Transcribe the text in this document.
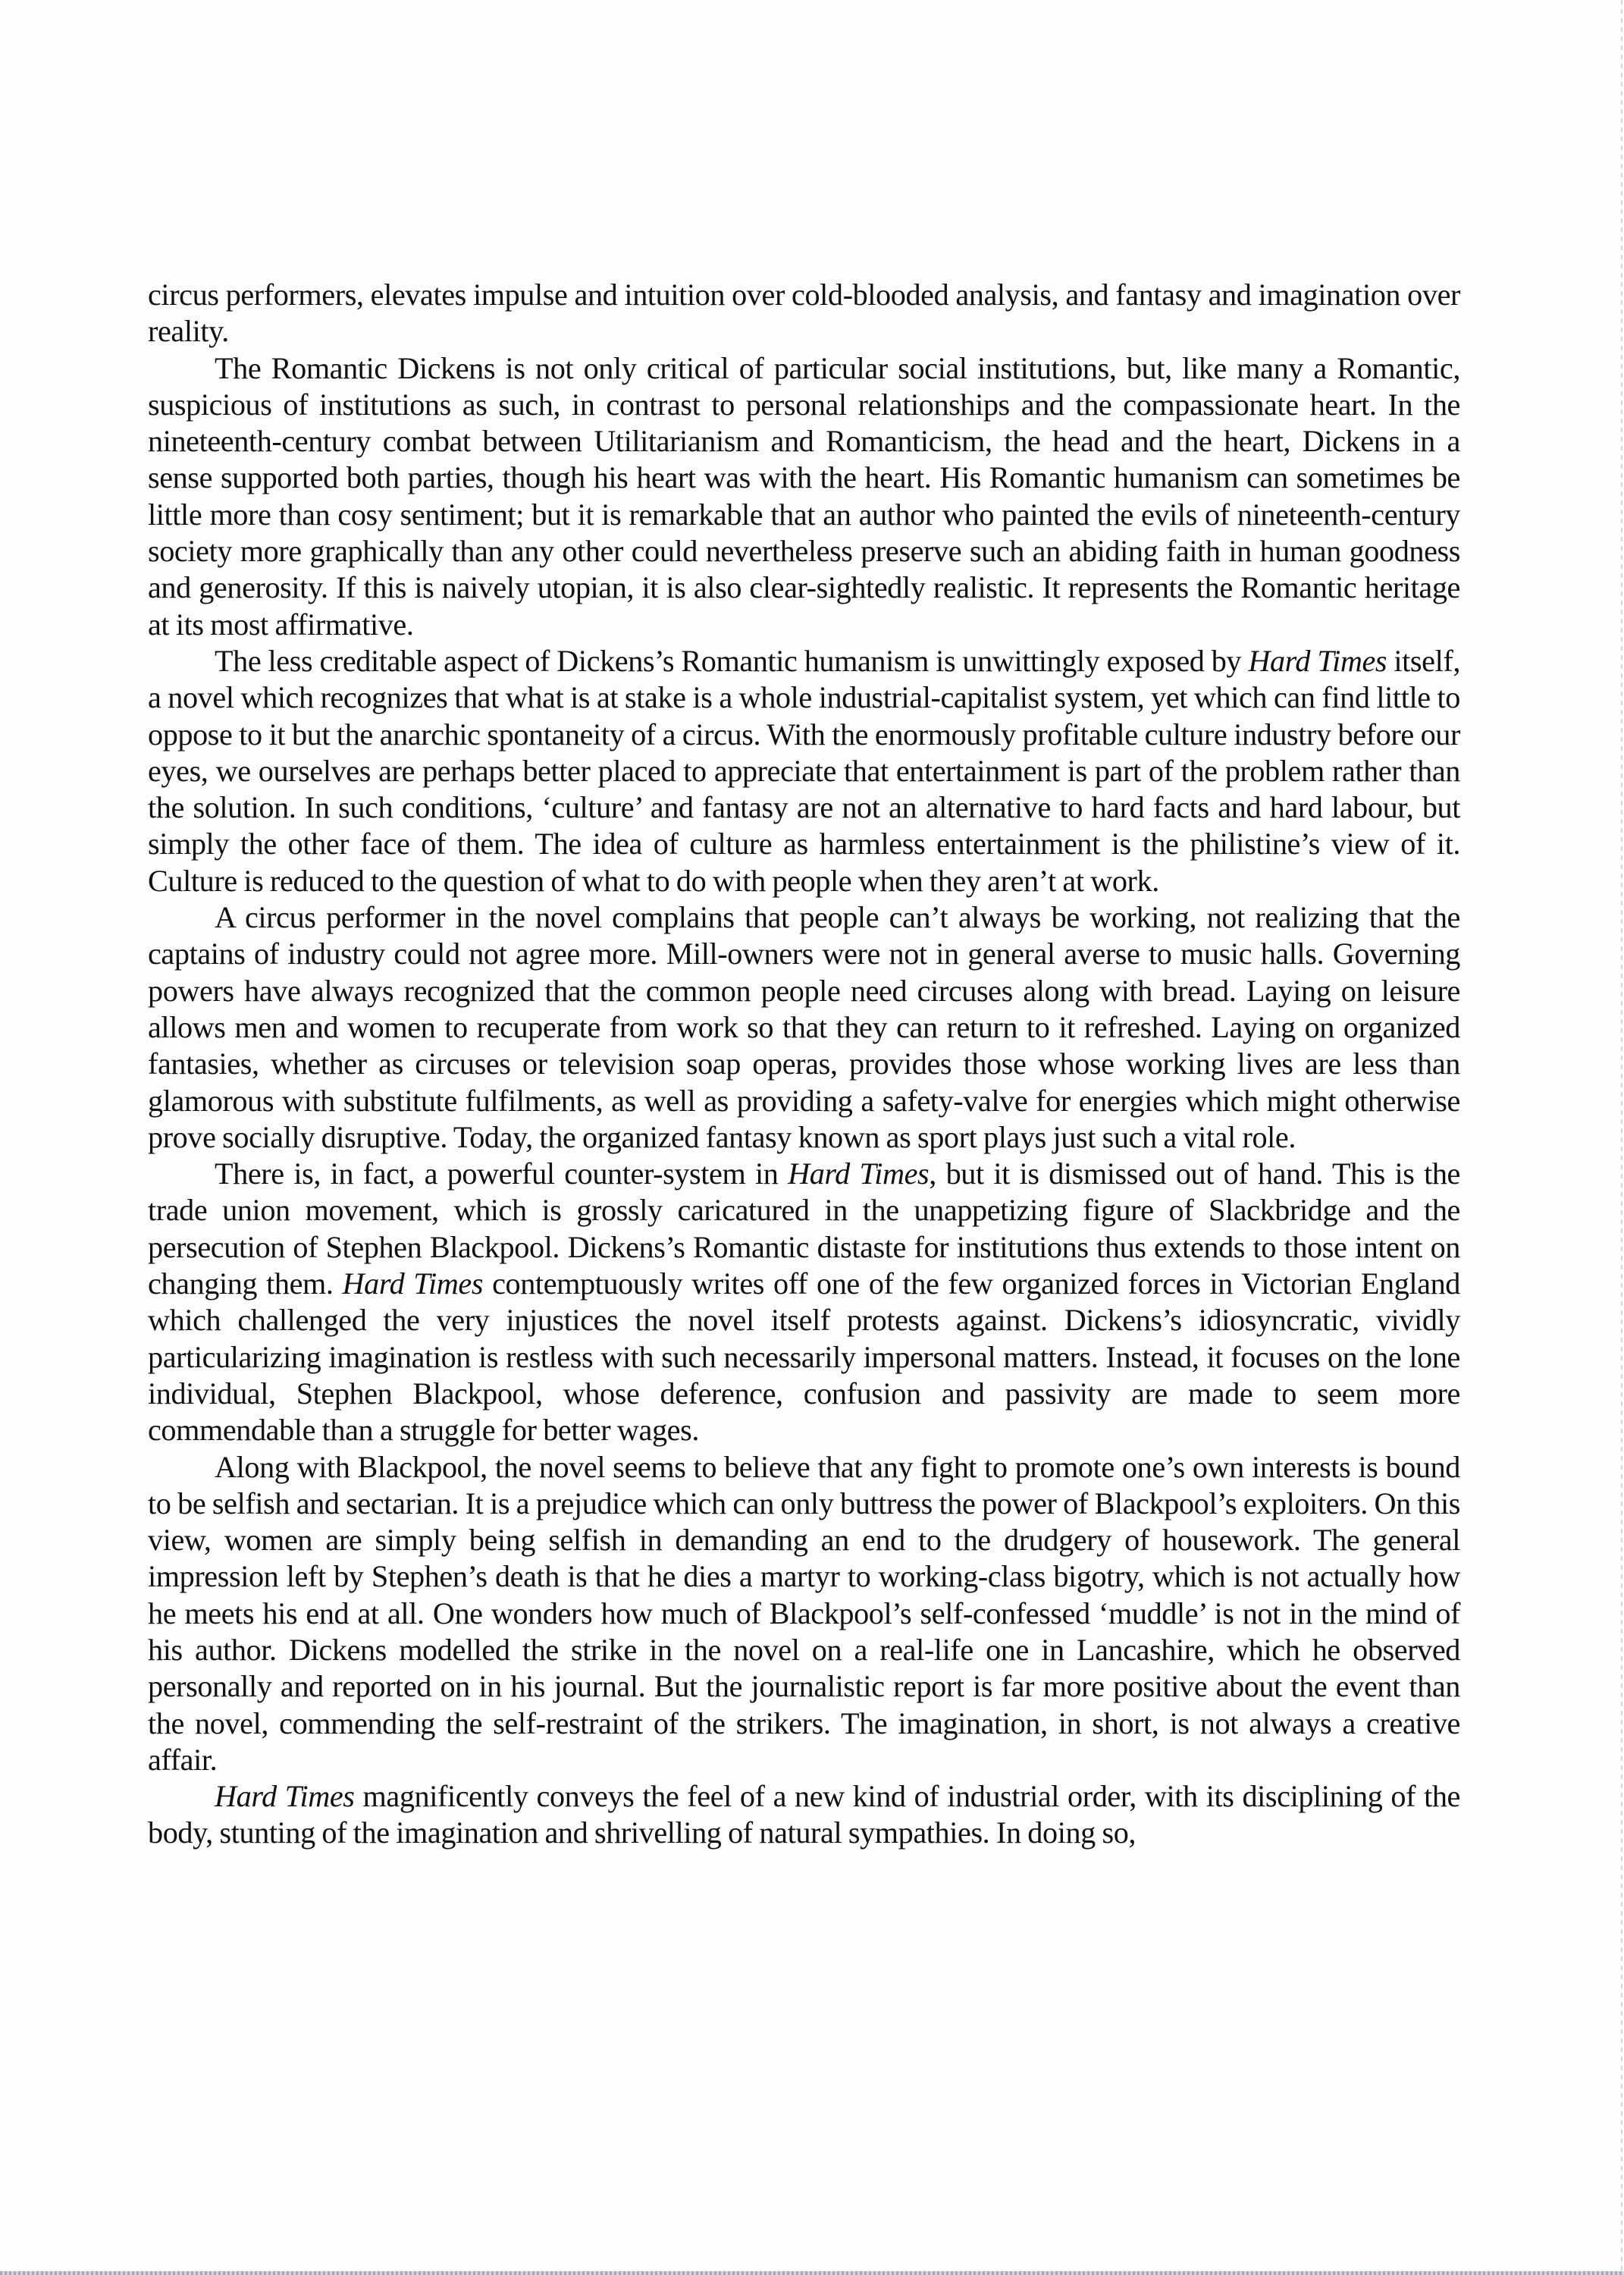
circus performers, elevates impulse and intuition over cold-blooded analysis, and fantasy and imagination over reality.

The Romantic Dickens is not only critical of particular social institutions, but, like many a Romantic, suspicious of institutions as such, in contrast to personal relationships and the compassionate heart. In the nineteenth-century combat between Utilitarianism and Romanticism, the head and the heart, Dickens in a sense supported both parties, though his heart was with the heart. His Romantic humanism can sometimes be little more than cosy sentiment; but it is remarkable that an author who painted the evils of nineteenth-century society more graphically than any other could nevertheless preserve such an abiding faith in human goodness and generosity. If this is naively utopian, it is also clear-sightedly realistic. It represents the Romantic heritage at its most affirmative.

The less creditable aspect of Dickens’s Romantic humanism is unwittingly exposed by Hard Times itself, a novel which recognizes that what is at stake is a whole industrial-capitalist system, yet which can find little to oppose to it but the anarchic spontaneity of a circus. With the enormously profitable culture industry before our eyes, we ourselves are perhaps better placed to appreciate that entertainment is part of the problem rather than the solution. In such conditions, ‘culture’ and fantasy are not an alternative to hard facts and hard labour, but simply the other face of them. The idea of culture as harmless entertainment is the philistine’s view of it. Culture is reduced to the question of what to do with people when they aren’t at work.

A circus performer in the novel complains that people can’t always be working, not realizing that the captains of industry could not agree more. Mill-owners were not in general averse to music halls. Governing powers have always recognized that the common people need circuses along with bread. Laying on leisure allows men and women to recuperate from work so that they can return to it refreshed. Laying on organized fantasies, whether as circuses or television soap operas, provides those whose working lives are less than glamorous with substitute fulfilments, as well as providing a safety-valve for energies which might otherwise prove socially disruptive. Today, the organized fantasy known as sport plays just such a vital role.

There is, in fact, a powerful counter-system in Hard Times, but it is dismissed out of hand. This is the trade union movement, which is grossly caricatured in the unappetizing figure of Slackbridge and the persecution of Stephen Blackpool. Dickens’s Romantic distaste for institutions thus extends to those intent on changing them. Hard Times contemptuously writes off one of the few organized forces in Victorian England which challenged the very injustices the novel itself protests against. Dickens’s idiosyncratic, vividly particularizing imagination is restless with such necessarily impersonal matters. Instead, it focuses on the lone individual, Stephen Blackpool, whose deference, confusion and passivity are made to seem more commendable than a struggle for better wages.

Along with Blackpool, the novel seems to believe that any fight to promote one’s own interests is bound to be selfish and sectarian. It is a prejudice which can only buttress the power of Blackpool’s exploiters. On this view, women are simply being selfish in demanding an end to the drudgery of housework. The general impression left by Stephen’s death is that he dies a martyr to working-class bigotry, which is not actually how he meets his end at all. One wonders how much of Blackpool’s self-confessed ‘muddle’ is not in the mind of his author. Dickens modelled the strike in the novel on a real-life one in Lancashire, which he observed personally and reported on in his journal. But the journalistic report is far more positive about the event than the novel, commending the self-restraint of the strikers. The imagination, in short, is not always a creative affair.

Hard Times magnificently conveys the feel of a new kind of industrial order, with its disciplining of the body, stunting of the imagination and shrivelling of natural sympathies. In doing so,
